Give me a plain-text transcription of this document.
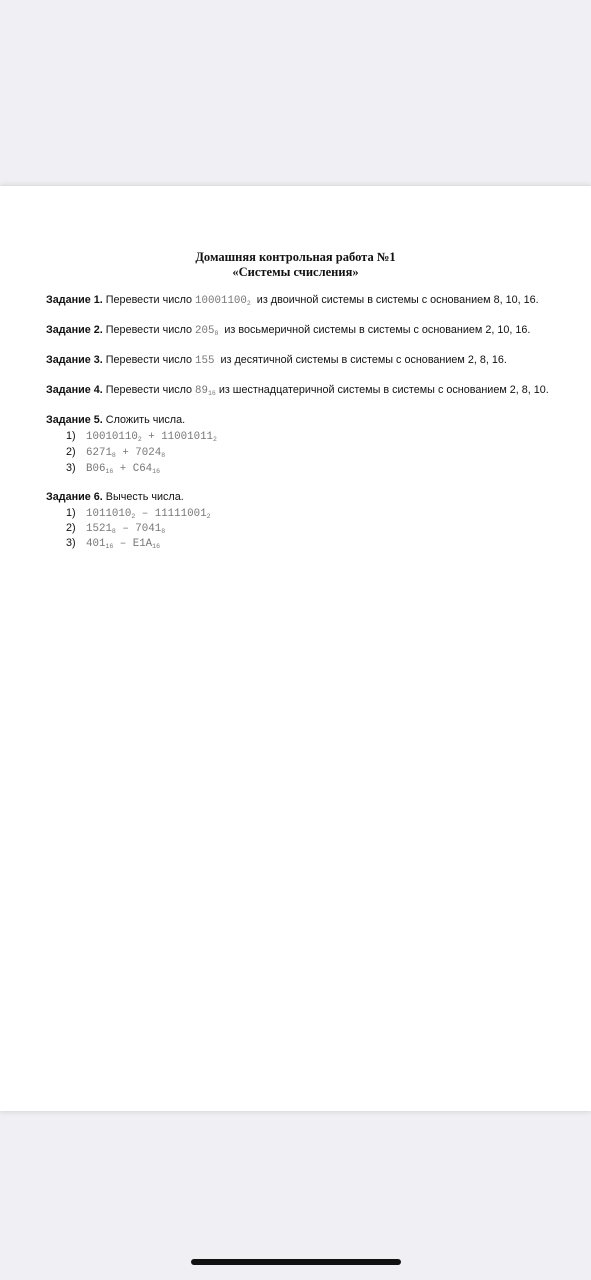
Домашняя контрольная работа №1
«Системы счисления»
Задание 1. Перевести число $10001100_2$ из двоичной системы в системы с основанием 8, 10, 16.
Задание 2. Перевести число $205_8$ из восьмеричной системы в системы с основанием 2, 10, 16.
Задание 3. Перевести число 155 из десятичной системы в системы с основанием 2, 8, 16.
Задание 4. Перевести число $89_{16}$ из шестнадцатеричной системы в системы с основанием 2, 8, 10.
Задание 5. Сложить числа.
1) $10010110_2 + 11001011_2$
2) $6271_8 + 7024_8$
3) $B06_{16} + C64_{16}$
Задание 6. Вычесть числа.
1) $1011010_2 - 11111001_2$
2) $1521_8 - 7041_8$
3) $401_{16} - E1A_{16}$
